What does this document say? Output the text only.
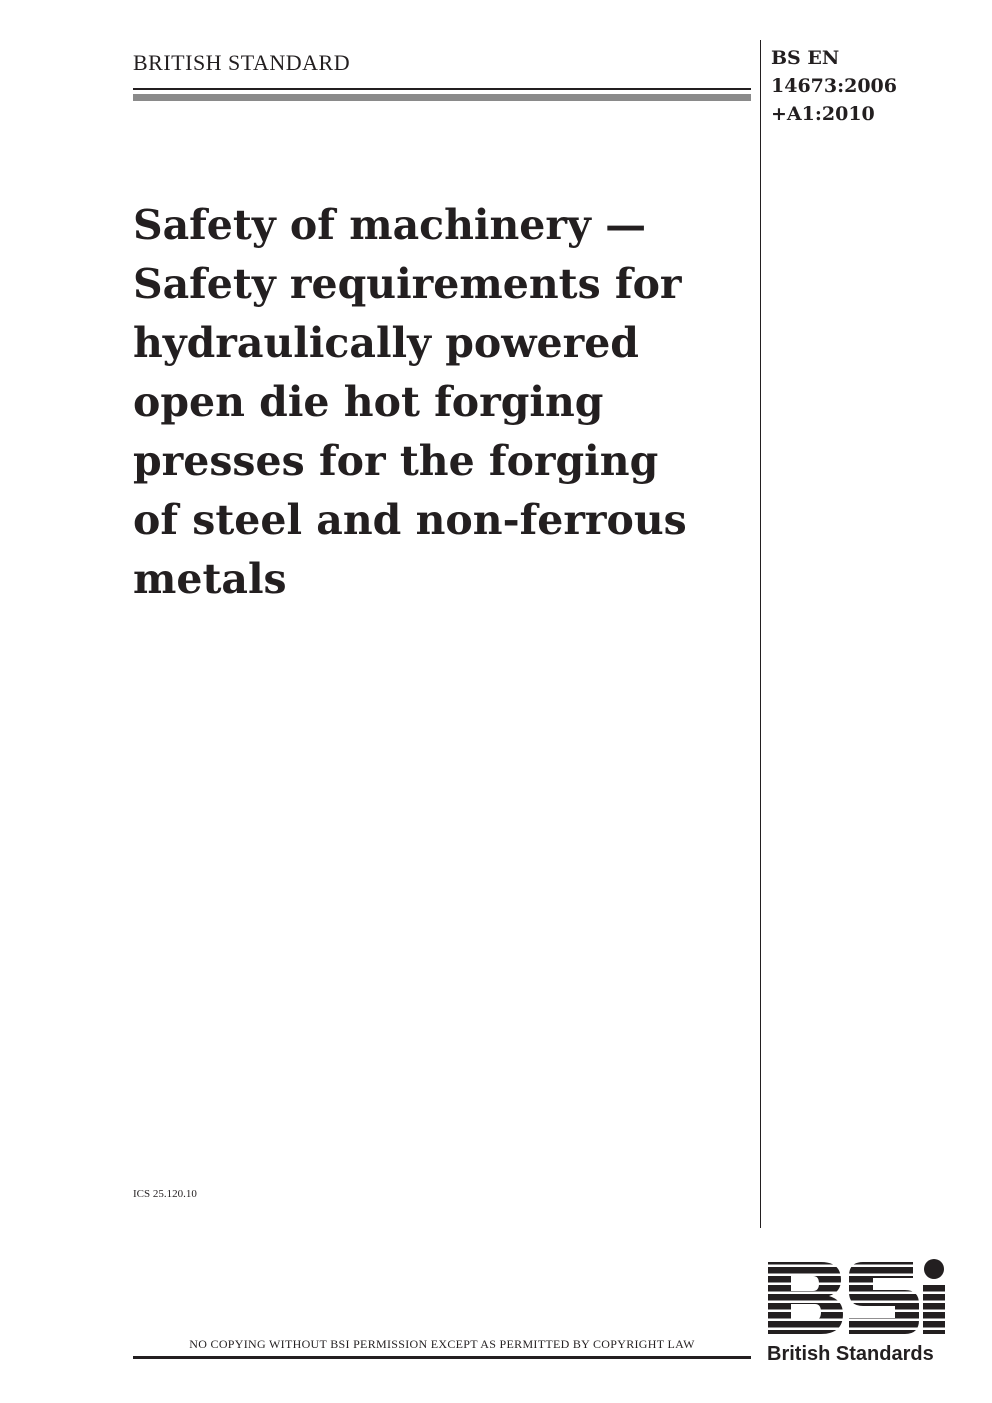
BRITISH STANDARD	BS EN
14673:2006
+A1:2010
Safety of machinery —
Safety requirements for
hydraulically powered
open die hot forging
presses for the forging
of steel and non-ferrous
metals
ICS 25.120.10
NO COPYING WITHOUT BSI PERMISSION EXCEPT AS PERMITTED BY COPYRIGHT LAW	British Standards
